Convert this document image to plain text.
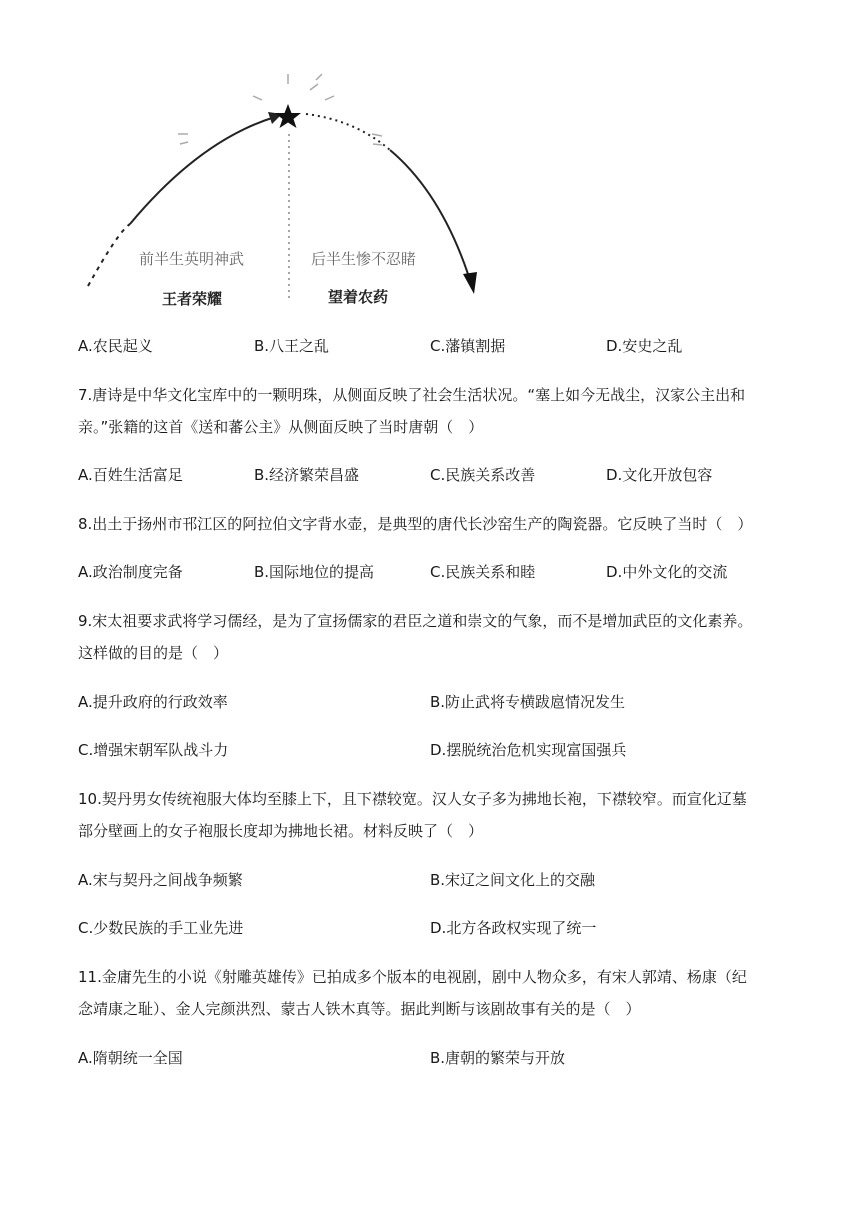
前半生英明神武
王者荣耀
后半生惨不忍睹
望着农药
A.农民起义	B.八王之乱	C.藩镇割据	D.安史之乱
7.唐诗是中华文化宝库中的一颗明珠，从侧面反映了社会生活状况。“塞上如今无战尘，汉家公主出和
亲。”张籍的这首《送和蕃公主》从侧面反映了当时唐朝（　）
A.百姓生活富足	B.经济繁荣昌盛	C.民族关系改善	D.文化开放包容
8.出土于扬州市邗江区的阿拉伯文字背水壶，是典型的唐代长沙窑生产的陶瓷器。它反映了当时（　）
A.政治制度完备	B.国际地位的提高	C.民族关系和睦	D.中外文化的交流
9.宋太祖要求武将学习儒经，是为了宣扬儒家的君臣之道和崇文的气象，而不是增加武臣的文化素养。
这样做的目的是（　）
A.提升政府的行政效率	B.防止武将专横跋扈情况发生
C.增强宋朝军队战斗力	D.摆脱统治危机实现富国强兵
10.契丹男女传统袍服大体均至膝上下，且下襟较宽。汉人女子多为拂地长袍，下襟较窄。而宣化辽墓
部分壁画上的女子袍服长度却为拂地长裙。材料反映了（　）
A.宋与契丹之间战争频繁	B.宋辽之间文化上的交融
C.少数民族的手工业先进	D.北方各政权实现了统一
11.金庸先生的小说《射雕英雄传》已拍成多个版本的电视剧，剧中人物众多，有宋人郭靖、杨康（纪
念靖康之耻）、金人完颜洪烈、蒙古人铁木真等。据此判断与该剧故事有关的是（　）
A.隋朝统一全国	B.唐朝的繁荣与开放
